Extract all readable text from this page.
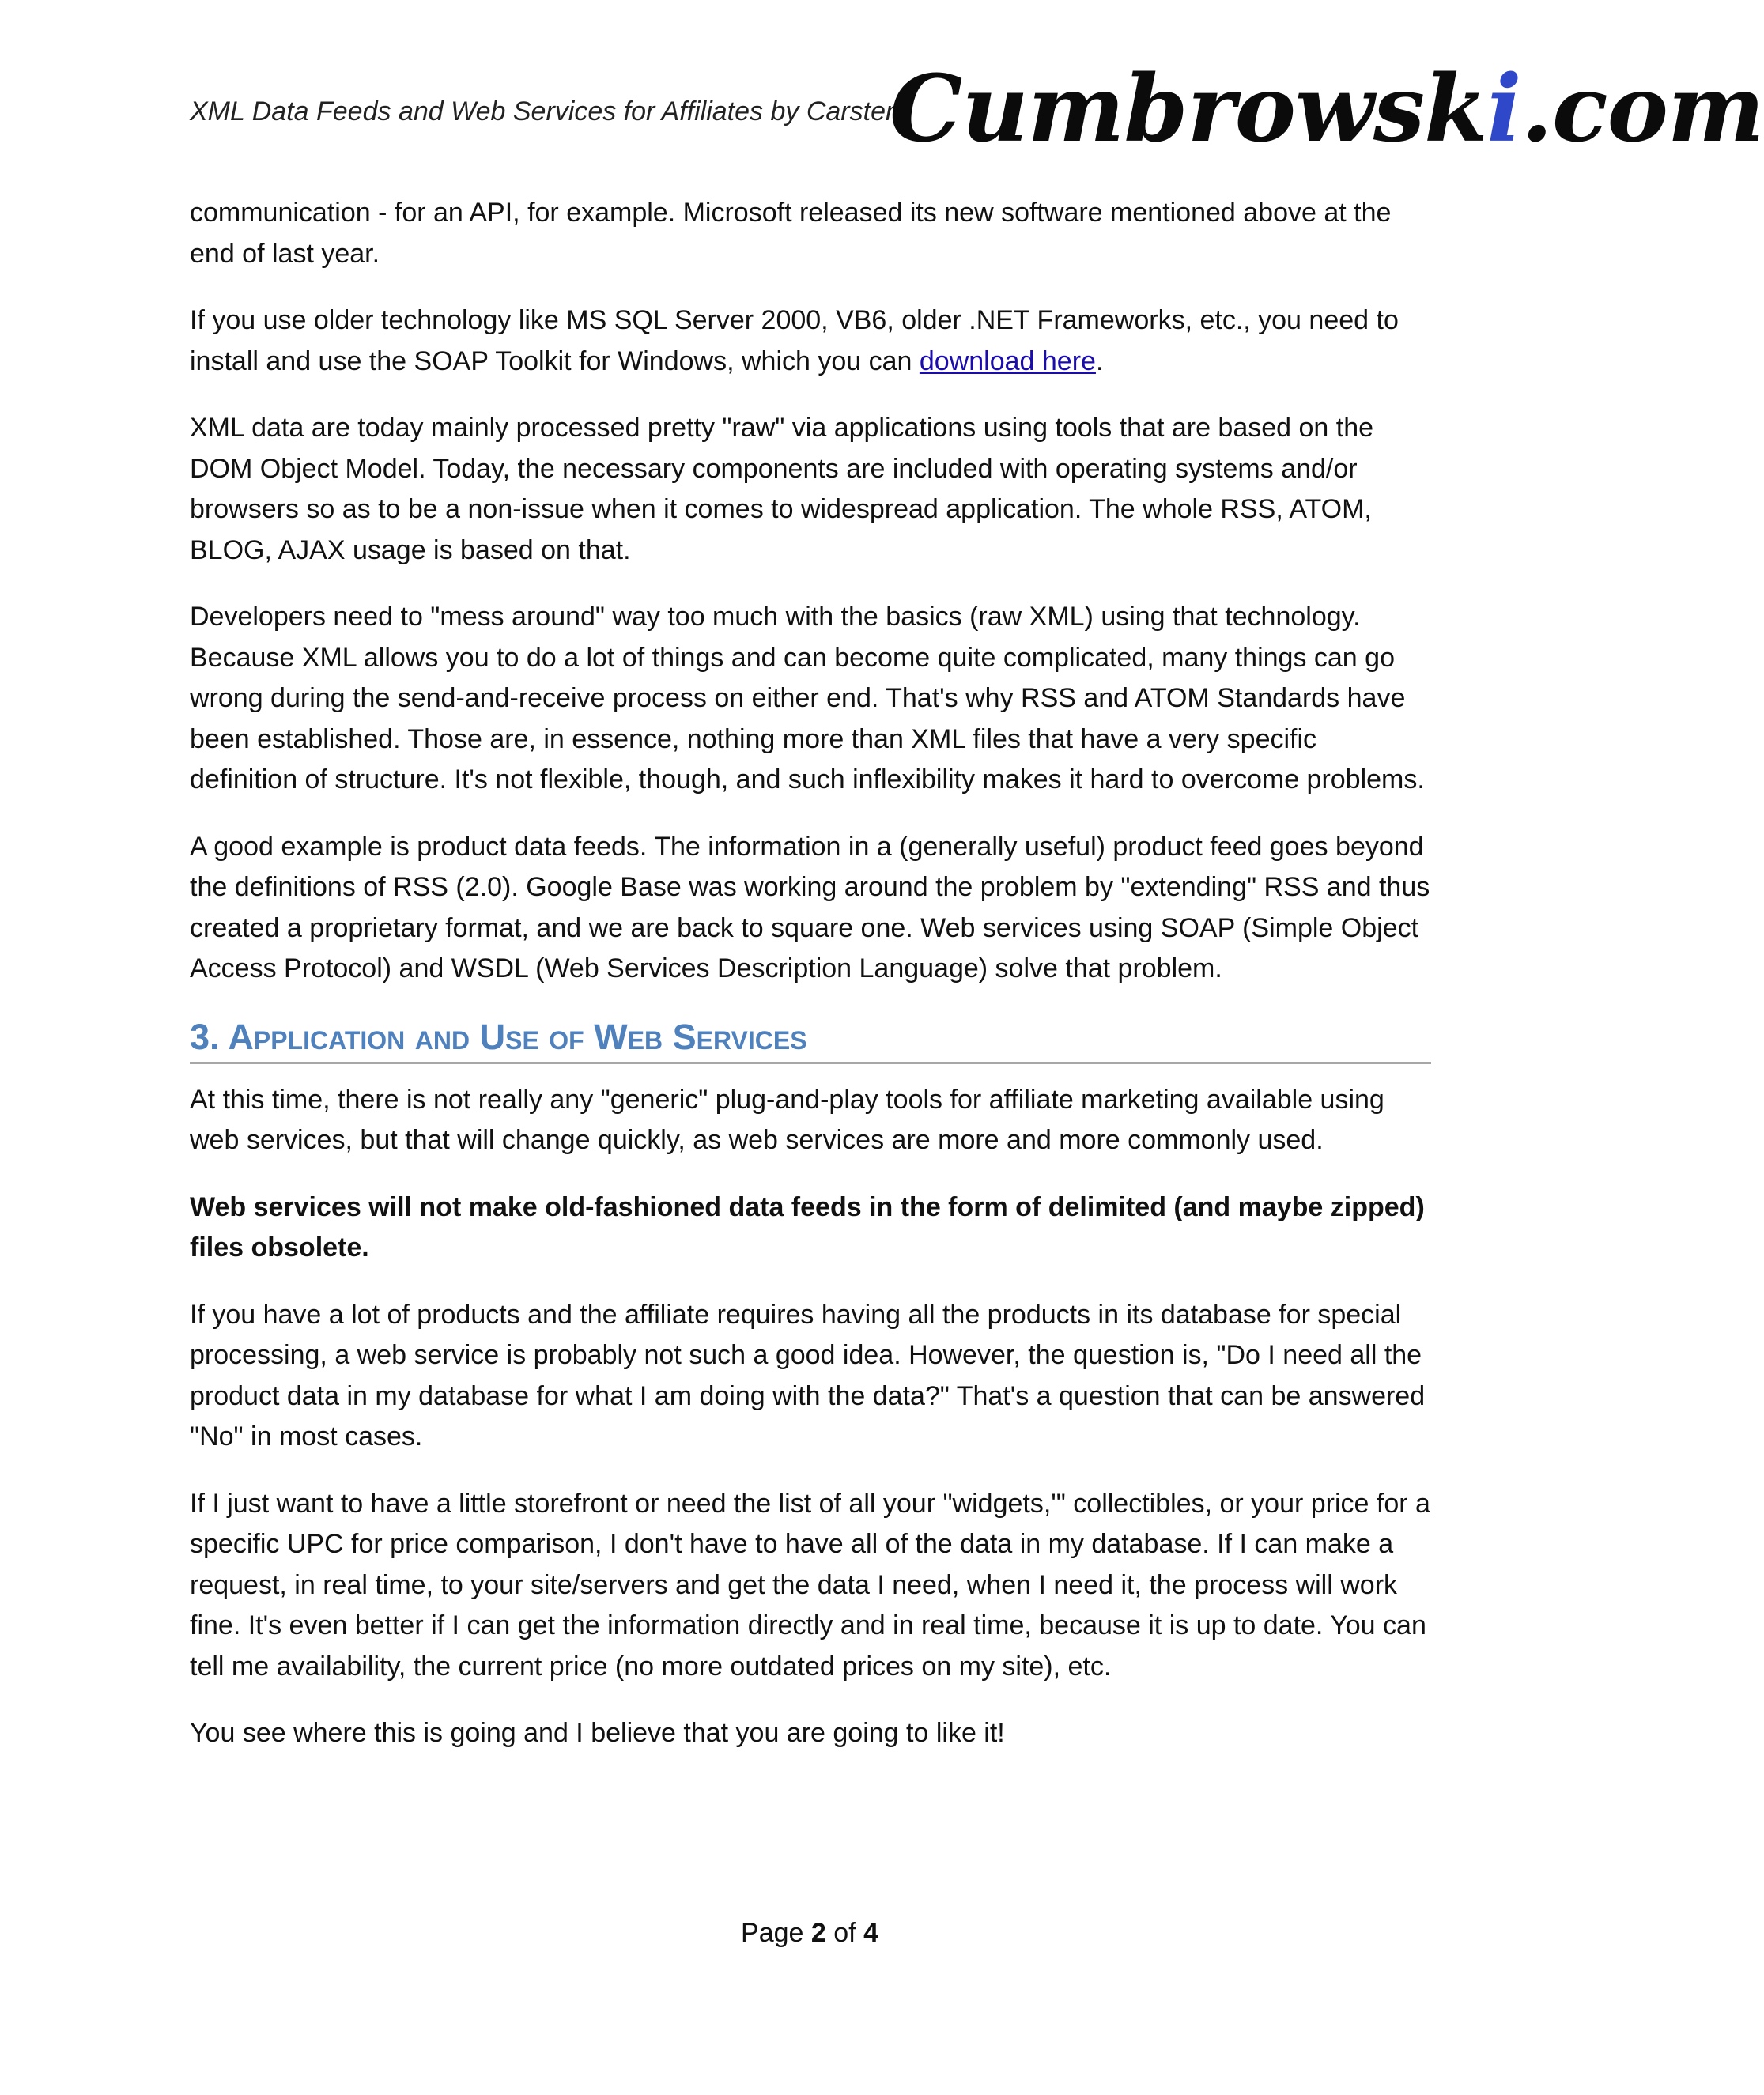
XML Data Feeds and Web Services for Affiliates by Carsten
Cumbrowski.com

communication - for an API, for example. Microsoft released its new software mentioned above at the end of last year.

If you use older technology like MS SQL Server 2000, VB6, older .NET Frameworks, etc., you need to install and use the SOAP Toolkit for Windows, which you can download here.

XML data are today mainly processed pretty "raw" via applications using tools that are based on the DOM Object Model. Today, the necessary components are included with operating systems and/or browsers so as to be a non-issue when it comes to widespread application. The whole RSS, ATOM, BLOG, AJAX usage is based on that.

Developers need to "mess around" way too much with the basics (raw XML) using that technology. Because XML allows you to do a lot of things and can become quite complicated, many things can go wrong during the send-and-receive process on either end. That's why RSS and ATOM Standards have been established. Those are, in essence, nothing more than XML files that have a very specific definition of structure. It's not flexible, though, and such inflexibility makes it hard to overcome problems.

A good example is product data feeds. The information in a (generally useful) product feed goes beyond the definitions of RSS (2.0). Google Base was working around the problem by "extending" RSS and thus created a proprietary format, and we are back to square one. Web services using SOAP (Simple Object Access Protocol) and WSDL (Web Services Description Language) solve that problem.

3. Application and Use of Web Services

At this time, there is not really any "generic" plug-and-play tools for affiliate marketing available using web services, but that will change quickly, as web services are more and more commonly used.

Web services will not make old-fashioned data feeds in the form of delimited (and maybe zipped) files obsolete.

If you have a lot of products and the affiliate requires having all the products in its database for special processing, a web service is probably not such a good idea. However, the question is, "Do I need all the product data in my database for what I am doing with the data?" That's a question that can be answered "No" in most cases.

If I just want to have a little storefront or need the list of all your "widgets,'" collectibles, or your price for a specific UPC for price comparison, I don't have to have all of the data in my database. If I can make a request, in real time, to your site/servers and get the data I need, when I need it, the process will work fine. It's even better if I can get the information directly and in real time, because it is up to date. You can tell me availability, the current price (no more outdated prices on my site), etc.

You see where this is going and I believe that you are going to like it!

Page 2 of 4
